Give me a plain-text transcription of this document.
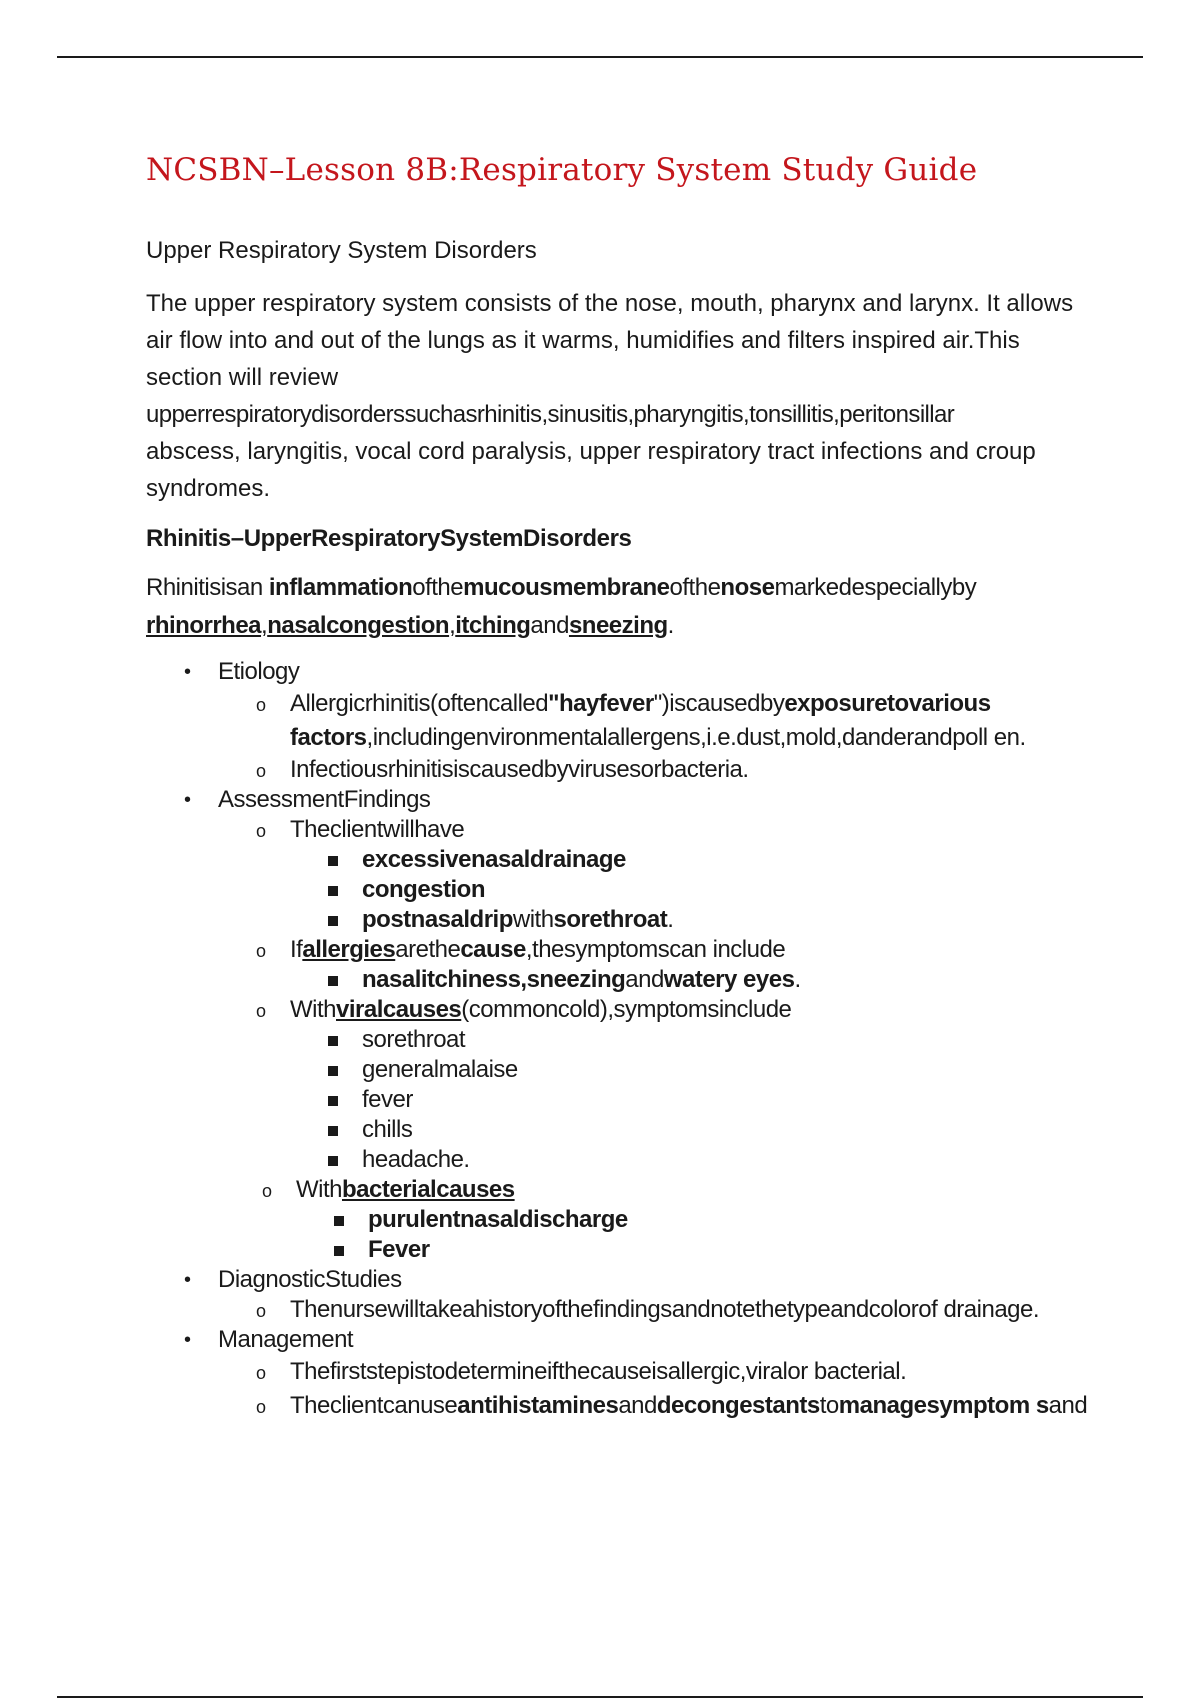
NCSBN–Lesson 8B:Respiratory System Study Guide
Upper Respiratory System Disorders
The upper respiratory system consists of the nose, mouth, pharynx and larynx. It allows air flow into and out of the lungs as it warms, humidifies and filters inspired air.This section will review
upperrespiratorydisorderssuchasrhinitis,sinusitis,pharyngitis,tonsillitis,peritonsillar
abscess, laryngitis, vocal cord paralysis, upper respiratory tract infections and croup syndromes.
Rhinitis–UpperRespiratorySystemDisorders
Rhinitisisan inflammationofthemucousmembraneofthenosemarkedespeciallyby
rhinorrhea,nasalcongestion,itchingandsneezing.
• Etiology
o Allergicrhinitis(oftencalled"hayfever")iscausedbyexposuretovarious factors,includingenvironmentalallergens,i.e.dust,mold,danderandpoll en.
o Infectiousrhinitisiscausedbyvirusesorbacteria.
• AssessmentFindings
o Theclientwillhave
excessivenasaldrainage
congestion
postnasaldripwithsorethroat.
o Ifallergiesarethecause,thesymptomscan include
nasalitchiness,sneezingandwatery eyes.
o Withviralcauses(commoncold),symptomsinclude
sorethroat
generalmalaise
fever
chills
headache.
o Withbacterialcauses
purulentnasaldischarge
Fever
• DiagnosticStudies
o Thenursewilltakeahistoryofthefindingsandnotethetypeandcolorof drainage.
• Management
o Thefirststepistodetermineifthecauseisallergic,viralor bacterial.
o Theclientcanuseantihistaminesanddecongestantstomanagesymptom sand
